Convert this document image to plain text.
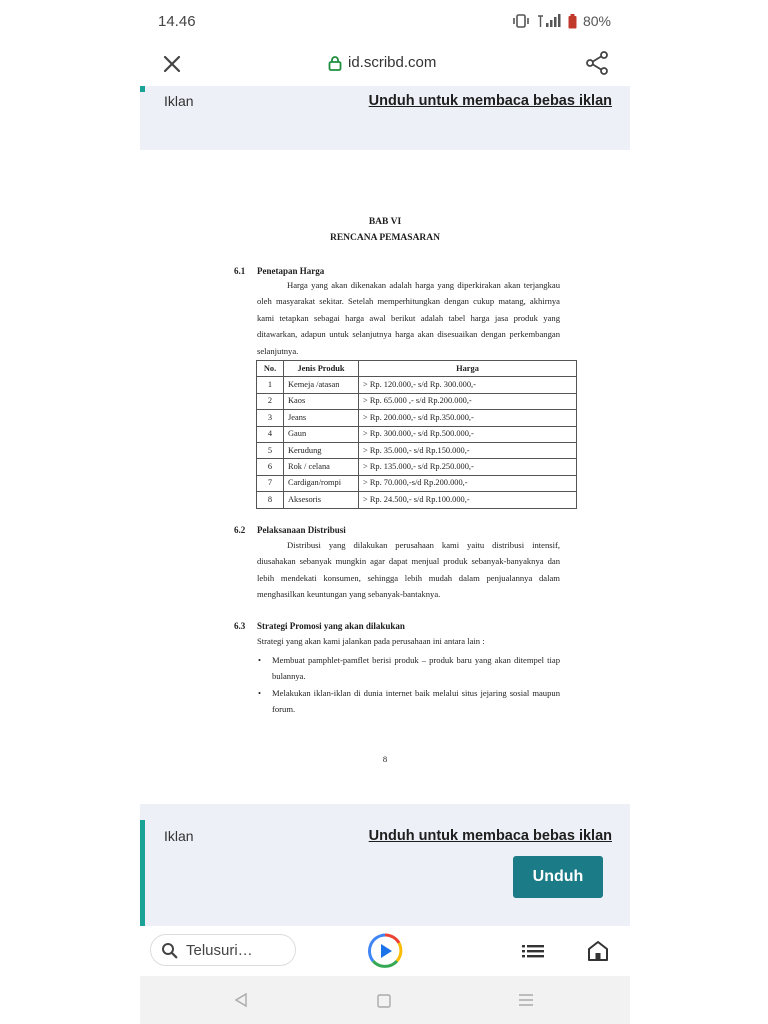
14.46	80%
id.scribd.com
Iklan	Unduh untuk membaca bebas iklan
BAB VI
RENCANA PEMASARAN
6.1 Penetapan Harga

Harga yang akan dikenakan adalah harga yang diperkirakan akan terjangkau oleh masyarakat sekitar. Setelah memperhitungkan dengan cukup matang, akhirnya kami tetapkan sebagai harga awal berikut adalah tabel harga jasa produk yang ditawarkan, adapun untuk selanjutnya harga akan disesuaikan dengan perkembangan selanjutnya.

No.	Jenis Produk	Harga
1	Kemeja /atasan	> Rp. 120.000,- s/d Rp. 300.000,-
2	Kaos	> Rp. 65.000 ,- s/d Rp.200.000,-
3	Jeans	> Rp. 200.000,- s/d Rp.350.000,-
4	Gaun	> Rp. 300.000,- s/d Rp.500.000,-
5	Kerudung	> Rp. 35.000,- s/d Rp.150.000,-
6	Rok / celana	> Rp. 135.000,- s/d Rp.250.000,-
7	Cardigan/rompi	> Rp. 70.000,-s/d Rp.200.000,-
8	Aksesoris	> Rp. 24.500,- s/d Rp.100.000,-
6.2 Pelaksanaan Distribusi

Distribusi yang dilakukan perusahaan kami yaitu distribusi intensif, diusahakan sebanyak mungkin agar dapat menjual produk sebanyak-banyaknya dan lebih mendekati konsumen, sehingga lebih mudah dalam penjualannya dalam menghasilkan keuntungan yang sebanyak-bantaknya.

6.3 Strategi Promosi yang akan dilakukan

Strategi yang akan kami jalankan pada perusahaan ini antara lain :

• Membuat pamphlet-pamflet berisi produk – produk baru yang akan ditempel tiap bulannya.
• Melakukan iklan-iklan di dunia internet baik melalui situs jejaring sosial maupun forum.
8
Iklan	Unduh untuk membaca bebas iklan
Unduh
Telusuri…
